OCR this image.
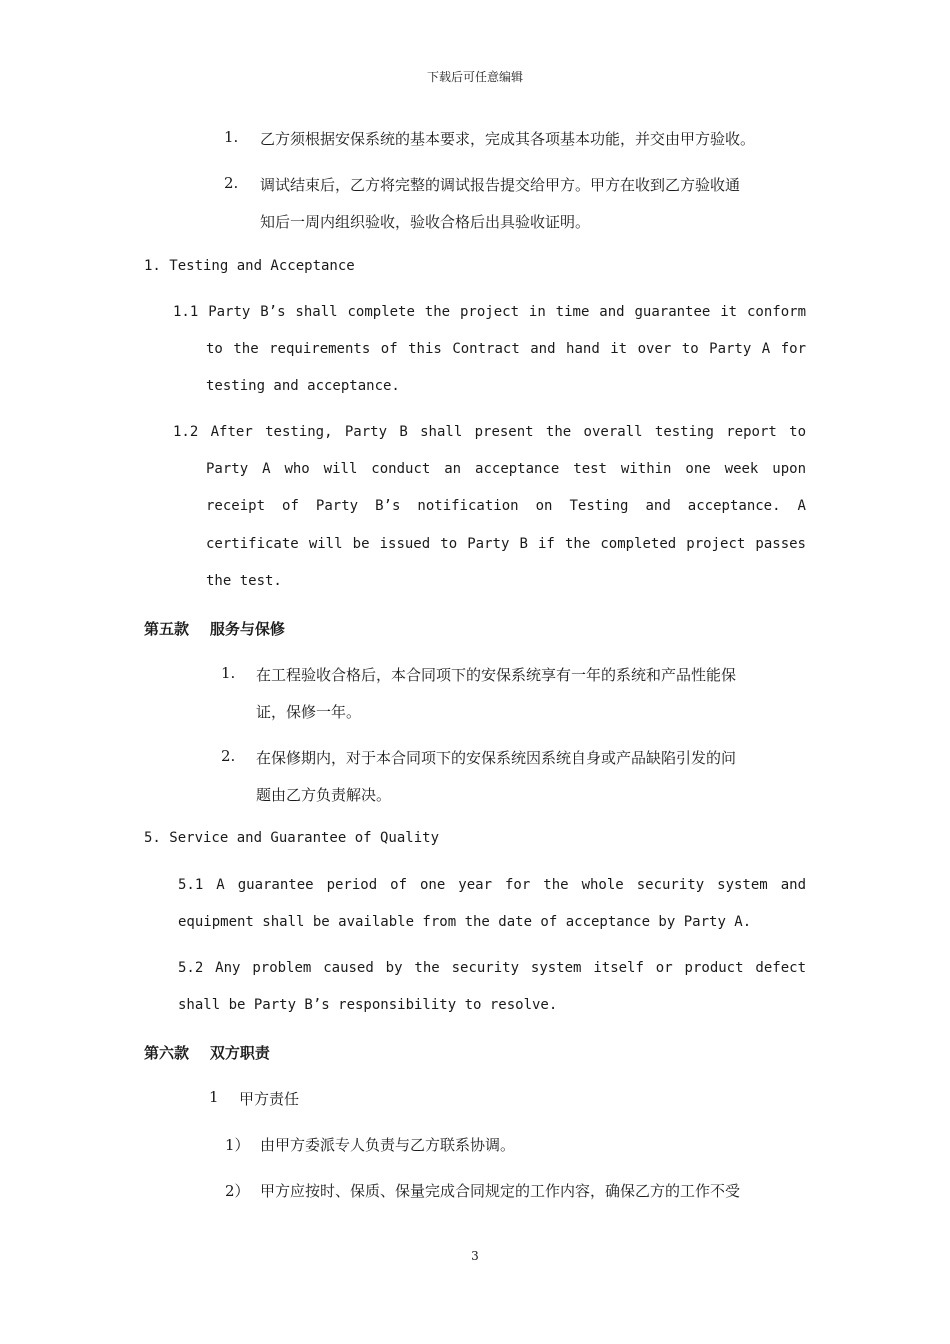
下载后可任意编辑
1. 乙方须根据安保系统的基本要求，完成其各项基本功能，并交由甲方验收。
2. 调试结束后，乙方将完整的调试报告提交给甲方。甲方在收到乙方验收通
知后一周内组织验收，验收合格后出具验收证明。
1. Testing and Acceptance
1.1 Party B’s shall complete the project in time and guarantee it conform
to the requirements of this Contract and hand it over to Party A for
testing and acceptance.
1.2 After testing, Party B shall present the overall testing report to
Party A who will conduct an acceptance test within one week upon
receipt of Party B’s notification on Testing and acceptance. A
certificate will be issued to Party B if the completed project passes
the test.
第五款    服务与保修
1. 在工程验收合格后，本合同项下的安保系统享有一年的系统和产品性能保
证，保修一年。
2. 在保修期内，对于本合同项下的安保系统因系统自身或产品缺陷引发的问
题由乙方负责解决。
5. Service and Guarantee of Quality
5.1 A guarantee period of one year for the whole security system and
equipment shall be available from the date of acceptance by Party A.
5.2 Any problem caused by the security system itself or product defect
shall be Party B’s responsibility to resolve.
第六款    双方职责
1 甲方责任
1） 由甲方委派专人负责与乙方联系协调。
2） 甲方应按时、保质、保量完成合同规定的工作内容，确保乙方的工作不受
3
